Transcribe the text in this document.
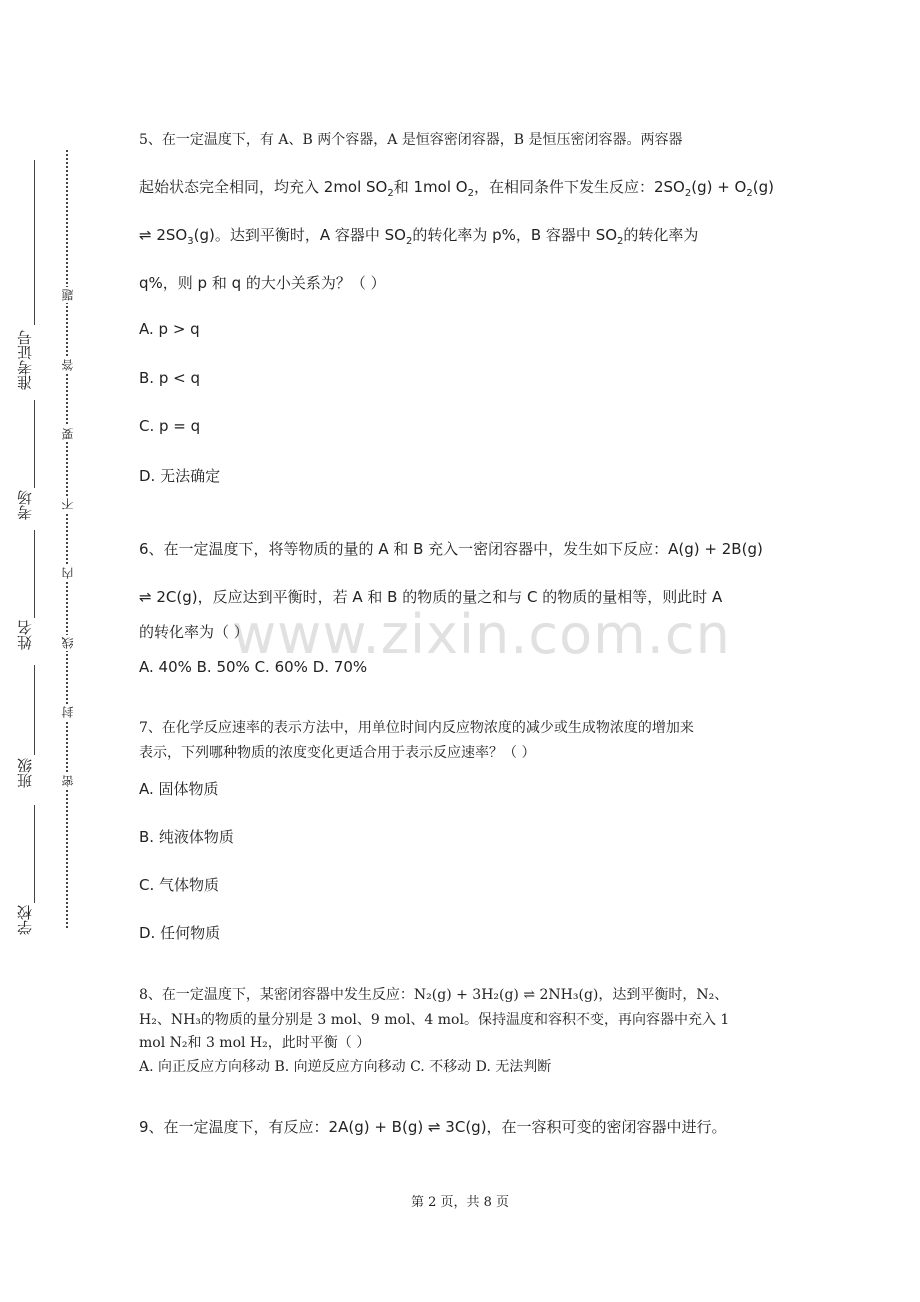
准考证号
考场
姓名
班级
学校
题
答
要
不
内
线
封
密

5、在一定温度下，有 A、B 两个容器，A 是恒容密闭容器，B 是恒压密闭容器。两容器

起始状态完全相同，均充入 2mol $SO_2$和 1mol $O_2$，在相同条件下发生反应：$2SO_2(g) + O_2(g)$

⇌ $2SO_3(g)$。达到平衡时，A 容器中 $SO_2$的转化率为 p%，B 容器中 $SO_2$的转化率为

q%，则 p 和 q 的大小关系为？（ ）

A. p > q

B. p < q

C. p = q

D. 无法确定

6、在一定温度下，将等物质的量的 A 和 B 充入一密闭容器中，发生如下反应：A(g) + 2B(g)

⇌ 2C(g)，反应达到平衡时，若 A 和 B 的物质的量之和与 C 的物质的量相等，则此时 A

的转化率为（ ）

A. 40% B. 50% C. 60% D. 70%

7、在化学反应速率的表示方法中，用单位时间内反应物浓度的减少或生成物浓度的增加来

表示，下列哪种物质的浓度变化更适合用于表示反应速率？（ ）

A. 固体物质

B. 纯液体物质

C. 气体物质

D. 任何物质

8、在一定温度下，某密闭容器中发生反应：N₂(g) + 3H₂(g) ⇌ 2NH₃(g)，达到平衡时，N₂、

H₂、NH₃的物质的量分别是 3 mol、9 mol、4 mol。保持温度和容积不变，再向容器中充入 1

mol N₂和 3 mol H₂，此时平衡（ ）

A. 向正反应方向移动 B. 向逆反应方向移动 C. 不移动 D. 无法判断

9、在一定温度下，有反应：2A(g) + B(g) ⇌ 3C(g)，在一容积可变的密闭容器中进行。

www.zixin.com.cn
第 2 页，共 8 页
